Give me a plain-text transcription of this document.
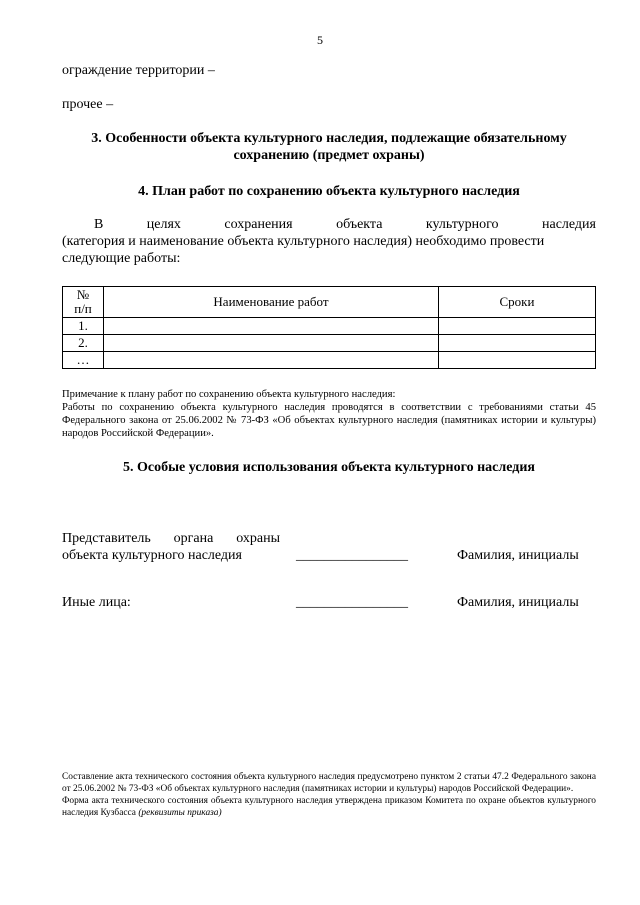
5
ограждение территории –
прочее –
3. Особенности объекта культурного наследия, подлежащие обязательному
сохранению (предмет охраны)
4. План работ по сохранению объекта культурного наследия
В	целях	сохранения	объекта	культурного	наследия
(категория и наименование объекта культурного наследия) необходимо провести
следующие работы:
№
п/п	Наименование работ	Сроки
1.		
2.		
…		
Примечание к плану работ по сохранению объекта культурного наследия:
Работы по сохранению объекта культурного наследия проводятся в соответствии с требованиями статьи 45 Федерального закона от 25.06.2002 № 73-ФЗ «Об объектах культурного наследия (памятниках истории и культуры) народов Российской Федерации».
5. Особые условия использования объекта культурного наследия
Представитель органа охраны
объекта культурного наследия	________________	Фамилия, инициалы
Иные лица:	________________	Фамилия, инициалы
Составление акта технического состояния объекта культурного наследия предусмотрено пунктом 2 статьи 47.2 Федерального закона от 25.06.2002 № 73-ФЗ «Об объектах культурного наследия (памятниках истории и культуры) народов Российской Федерации».
Форма акта технического состояния объекта культурного наследия утверждена приказом Комитета по охране объектов культурного наследия Кузбасса (реквизиты приказа)
